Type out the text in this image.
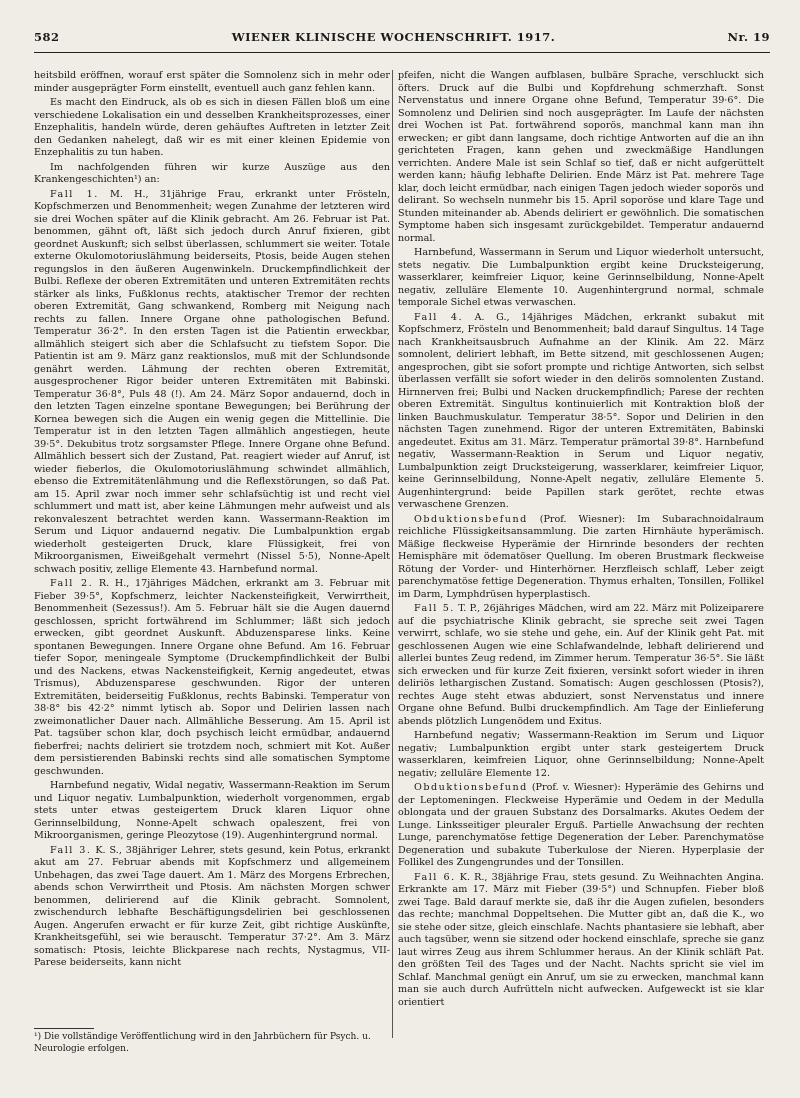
582	WIENER KLINISCHE WOCHENSCHRIFT. 1917.	Nr. 19

heitsbild eröffnen, worauf erst später die Somnolenz sich in mehr oder minder ausgeprägter Form einstellt, eventuell auch ganz fehlen kann.

Es macht den Eindruck, als ob es sich in diesen Fällen bloß um eine verschiedene Lokalisation ein und desselben Krankheitsprozesses, einer Enzephalitis, handeln würde, deren gehäuftes Auftreten in letzter Zeit den Gedanken nahelegt, daß wir es mit einer kleinen Epidemie von Enzephalitis zu tun haben.

Im nachfolgenden führen wir kurze Auszüge aus den Krankengeschichten¹) an:

Fall 1. M. H., 31jährige Frau, erkrankt unter Frösteln, Kopfschmerzen und Benommenheit; wegen Zunahme der letzteren wird sie drei Wochen später auf die Klinik gebracht. Am 26. Februar ist Pat. benommen, gähnt oft, läßt sich jedoch durch Anruf fixieren, gibt geordnet Auskunft; sich selbst überlassen, schlummert sie weiter. Totale externe Okulomotoriuslähmung beiderseits, Ptosis, beide Augen stehen regungslos in den äußeren Augenwinkeln. Druckempfindlichkeit der Bulbi. Reflexe der oberen Extremitäten und unteren Extremitäten rechts stärker als links, Fußklonus rechts, ataktischer Tremor der rechten oberen Extremität, Gang schwankend, Romberg mit Neigung nach rechts zu fallen. Innere Organe ohne pathologischen Befund. Temperatur 36·2°. In den ersten Tagen ist die Patientin erweckbar, allmählich steigert sich aber die Schlafsucht zu tiefstem Sopor. Die Patientin ist am 9. März ganz reaktionslos, muß mit der Schlundsonde genährt werden. Lähmung der rechten oberen Extremität, ausgesprochener Rigor beider unteren Extremitäten mit Babinski. Temperatur 36·8°, Puls 48 (!). Am 24. März Sopor andauernd, doch in den letzten Tagen einzelne spontane Bewegungen; bei Berührung der Kornea bewegen sich die Augen ein wenig gegen die Mittellinie. Die Temperatur ist in den letzten Tagen allmählich angestiegen, heute 39·5°. Dekubitus trotz sorgsamster Pflege. Innere Organe ohne Befund. Allmählich bessert sich der Zustand, Pat. reagiert wieder auf Anruf, ist wieder fieberlos, die Okulomotoriuslähmung schwindet allmählich, ebenso die Extremitätenlähmung und die Reflexstörungen, so daß Pat. am 15. April zwar noch immer sehr schlafsüchtig ist und recht viel schlummert und matt ist, aber keine Lähmungen mehr aufweist und als rekonvaleszent betrachtet werden kann. Wassermann-Reaktion im Serum und Liquor andauernd negativ. Die Lumbalpunktion ergab wiederholt gesteigerten Druck, klare Flüssigkeit, frei von Mikroorganismen, Eiweißgehalt vermehrt (Nissel 5·5), Nonne-Apelt schwach positiv, zellige Elemente 43. Harnbefund normal.

Fall 2. R. H., 17jähriges Mädchen, erkrankt am 3. Februar mit Fieber 39·5°, Kopfschmerz, leichter Nackensteifigkeit, Verwirrtheit, Benommenheit (Sezessus!). Am 5. Februar hält sie die Augen dauernd geschlossen, spricht fortwährend im Schlummer; läßt sich jedoch erwecken, gibt geordnet Auskunft. Abduzensparese links. Keine spontanen Bewegungen. Innere Organe ohne Befund. Am 16. Februar tiefer Sopor, meningeale Symptome (Druckempfindlichkeit der Bulbi und des Nackens, etwas Nackensteifigkeit, Kernig angedeutet, etwas Trismus), Abduzensparese geschwunden. Rigor der unteren Extremitäten, beiderseitig Fußklonus, rechts Babinski. Temperatur von 38·8° bis 42·2° nimmt lytisch ab. Sopor und Delirien lassen nach zweimonatlicher Dauer nach. Allmähliche Besserung. Am 15. April ist Pat. tagsüber schon klar, doch psychisch leicht ermüdbar, andauernd fieberfrei; nachts deliriert sie trotzdem noch, schmiert mit Kot. Außer dem persistierenden Babinski rechts sind alle somatischen Symptome geschwunden.

Harnbefund negativ, Widal negativ, Wassermann-Reaktion im Serum und Liquor negativ. Lumbalpunktion, wiederholt vorgenommen, ergab stets unter etwas gesteigertem Druck klaren Liquor ohne Gerinnselbildung, Nonne-Apelt schwach opaleszent, frei von Mikroorganismen, geringe Pleozytose (19). Augenhintergrund normal.

Fall 3. K. S., 38jähriger Lehrer, stets gesund, kein Potus, erkrankt akut am 27. Februar abends mit Kopfschmerz und allgemeinem Unbehagen, das zwei Tage dauert. Am 1. März des Morgens Erbrechen, abends schon Verwirrtheit und Ptosis. Am nächsten Morgen schwer benommen, delirierend auf die Klinik gebracht. Somnolent, zwischendurch lebhafte Beschäftigungsdelirien bei geschlossenen Augen. Angerufen erwacht er für kurze Zeit, gibt richtige Auskünfte, Krankheitsgefühl, sei wie berauscht. Temperatur 37·2°. Am 3. März somatisch: Ptosis, leichte Blickparese nach rechts, Nystagmus, VII-Parese beiderseits, kann nicht

pfeifen, nicht die Wangen aufblasen, bulbäre Sprache, verschluckt sich öfters. Druck auf die Bulbi und Kopfdrehung schmerzhaft. Sonst Nervenstatus und innere Organe ohne Befund, Temperatur 39·6°. Die Somnolenz und Delirien sind noch ausgeprägter. Im Laufe der nächsten drei Wochen ist Pat. fortwährend soporös, manchmal kann man ihn erwecken; er gibt dann langsame, doch richtige Antworten auf die an ihn gerichteten Fragen, kann gehen und zweckmäßige Handlungen verrichten. Andere Male ist sein Schlaf so tief, daß er nicht aufgerüttelt werden kann; häufig lebhafte Delirien. Ende März ist Pat. mehrere Tage klar, doch leicht ermüdbar, nach einigen Tagen jedoch wieder soporös und delirant. So wechseln nunmehr bis 15. April soporöse und klare Tage und Stunden miteinander ab. Abends deliriert er gewöhnlich. Die somatischen Symptome haben sich insgesamt zurückgebildet. Temperatur andauernd normal.

Harnbefund, Wassermann in Serum und Liquor wiederholt untersucht, stets negativ. Die Lumbalpunktion ergibt keine Drucksteigerung, wasserklarer, keimfreier Liquor, keine Gerinnselbildung, Nonne-Apelt negativ, zelluläre Elemente 10. Augenhintergrund normal, schmale temporale Sichel etwas verwaschen.

Fall 4. A. G., 14jähriges Mädchen, erkrankt subakut mit Kopfschmerz, Frösteln und Benommenheit; bald darauf Singultus. 14 Tage nach Krankheitsausbruch Aufnahme an der Klinik. Am 22. März somnolent, deliriert lebhaft, im Bette sitzend, mit geschlossenen Augen; angesprochen, gibt sie sofort prompte und richtige Antworten, sich selbst überlassen verfällt sie sofort wieder in den delirös somnolenten Zustand. Hirnnerven frei; Bulbi und Nacken druckempfindlich; Parese der rechten oberen Extremität. Singultus kontinuierlich mit Kontraktion bloß der linken Bauchmuskulatur. Temperatur 38·5°. Sopor und Delirien in den nächsten Tagen zunehmend. Rigor der unteren Extremitäten, Babinski angedeutet. Exitus am 31. März. Temperatur prämortal 39·8°. Harnbefund negativ, Wassermann-Reaktion in Serum und Liquor negativ, Lumbalpunktion zeigt Drucksteigerung, wasserklarer, keimfreier Liquor, keine Gerinnselbildung, Nonne-Apelt negativ, zelluläre Elemente 5. Augenhintergrund: beide Papillen stark gerötet, rechte etwas verwaschene Grenzen.

Obduktionsbefund (Prof. Wiesner): Im Subarachnoidalraum reichliche Flüssigkeitsansammlung. Die zarten Hirnhäute hyperämisch. Mäßige fleckweise Hyperämie der Hirnrinde besonders der rechten Hemisphäre mit ödematöser Quellung. Im oberen Brustmark fleckweise Rötung der Vorder- und Hinterhörner. Herzfleisch schlaff, Leber zeigt parenchymatöse fettige Degeneration. Thymus erhalten, Tonsillen, Follikel im Darm, Lymphdrüsen hyperplastisch.

Fall 5. T. P., 26jähriges Mädchen, wird am 22. März mit Polizeiparere auf die psychiatrische Klinik gebracht, sie spreche seit zwei Tagen verwirrt, schlafe, wo sie stehe und gehe, ein. Auf der Klinik geht Pat. mit geschlossenen Augen wie eine Schlafwandelnde, lebhaft delirierend und allerlei buntes Zeug redend, im Zimmer herum. Temperatur 36·5°. Sie läßt sich erwecken und für kurze Zeit fixieren, versinkt sofort wieder in ihren deliriös lethargischen Zustand. Somatisch: Augen geschlossen (Ptosis?), rechtes Auge steht etwas abduziert, sonst Nervenstatus und innere Organe ohne Befund. Bulbi druckempfindlich. Am Tage der Einlieferung abends plötzlich Lungenödem und Exitus.

Harnbefund negativ; Wassermann-Reaktion im Serum und Liquor negativ; Lumbalpunktion ergibt unter stark gesteigertem Druck wasserklaren, keimfreien Liquor, ohne Gerinnselbildung; Nonne-Apelt negativ; zelluläre Elemente 12.

Obduktionsbefund (Prof. v. Wiesner): Hyperämie des Gehirns und der Leptomeningen. Fleckweise Hyperämie und Oedem in der Medulla oblongata und der grauen Substanz des Dorsalmarks. Akutes Oedem der Lunge. Linksseitiger pleuraler Erguß. Partielle Anwachsung der rechten Lunge, parenchymatöse fettige Degeneration der Leber. Parenchymatöse Degeneration und subakute Tuberkulose der Nieren. Hyperplasie der Follikel des Zungengrundes und der Tonsillen.

Fall 6. K. R., 38jährige Frau, stets gesund. Zu Weihnachten Angina. Erkrankte am 17. März mit Fieber (39·5°) und Schnupfen. Fieber bloß zwei Tage. Bald darauf merkte sie, daß ihr die Augen zufielen, besonders das rechte; manchmal Doppeltsehen. Die Mutter gibt an, daß die K., wo sie stehe oder sitze, gleich einschlafe. Nachts phantasiere sie lebhaft, aber auch tagsüber, wenn sie sitzend oder hockend einschlafe, spreche sie ganz laut wirres Zeug aus ihrem Schlummer heraus. An der Klinik schläft Pat. den größten Teil des Tages und der Nacht. Nachts spricht sie viel im Schlaf. Manchmal genügt ein Anruf, um sie zu erwecken, manchmal kann man sie auch durch Aufrütteln nicht aufwecken. Aufgeweckt ist sie klar orientiert

¹) Die vollständige Veröffentlichung wird in den Jahrbüchern für Psych. u. Neurologie erfolgen.
